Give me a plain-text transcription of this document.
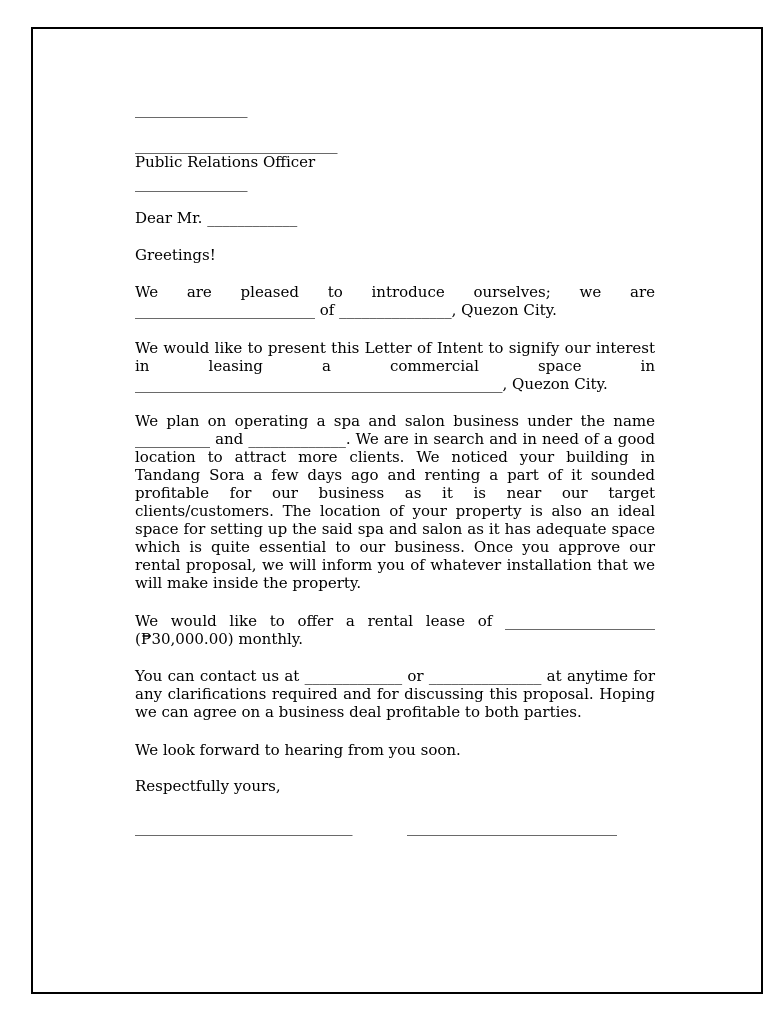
_______________
___________________________
Public Relations Officer
_______________
Dear Mr. ____________
Greetings!
We are pleased to introduce ourselves; we are ________________________ of _______________, Quezon City.
We would like to present this Letter of Intent to signify our interest in leasing a commercial space in _________________________________________________, Quezon City.
We plan on operating a spa and salon business under the name __________ and _____________. We are in search and in need of a good location to attract more clients. We noticed your building in Tandang Sora a few days ago and renting a part of it sounded profitable for our business as it is near our target clients/customers. The location of your property is also an ideal space for setting up the said spa and salon as it has adequate space which is quite essential to our business. Once you approve our rental proposal, we will inform you of whatever installation that we will make inside the property.
We would like to offer a rental lease of ____________________ (₱30,000.00) monthly.
You can contact us at _____________ or _______________ at anytime for any clarifications required and for discussing this proposal. Hoping we can agree on a business deal profitable to both parties.
We look forward to hearing from you soon.
Respectfully yours,
_____________________________	____________________________
